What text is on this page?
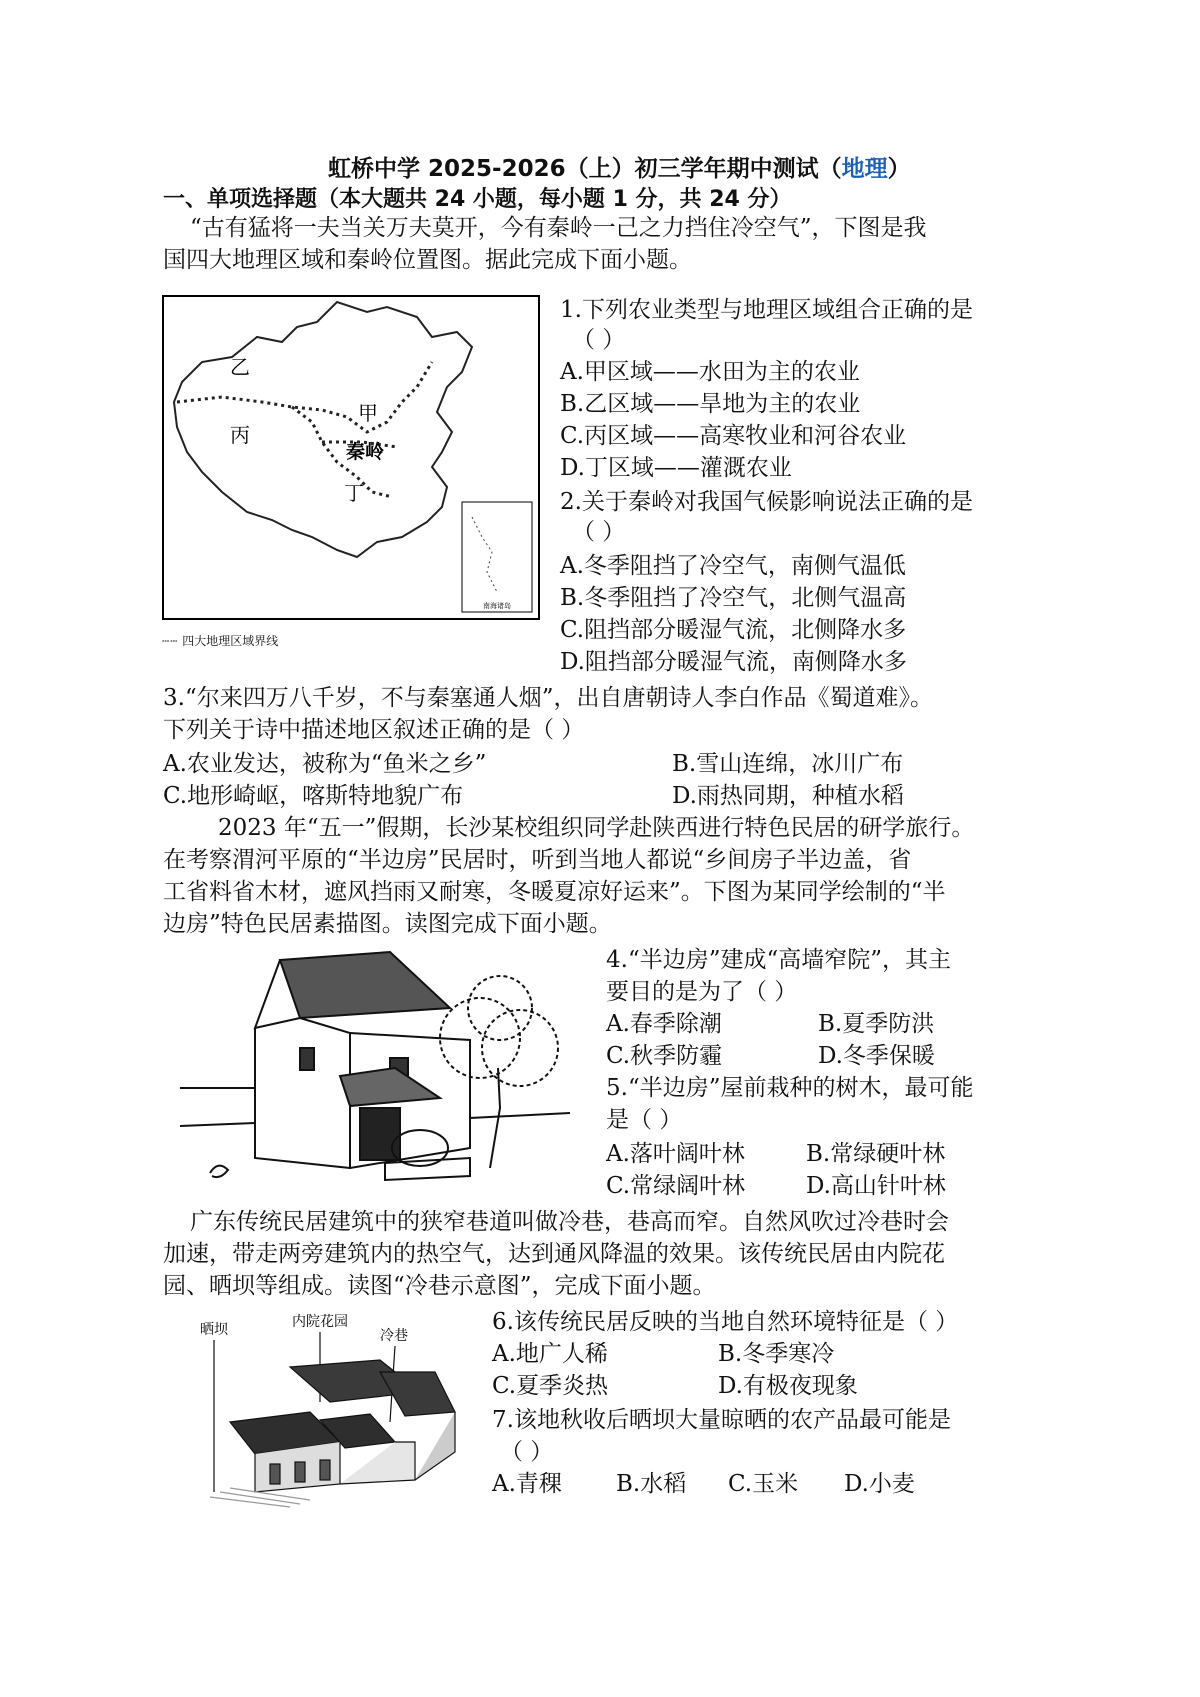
虹桥中学 2025-2026（上）初三学年期中测试（地理）
一、单项选择题（本大题共 24 小题，每小题 1 分，共 24 分）
“古有猛将一夫当关万夫莫开，今有秦岭一己之力挡住冷空气”，下图是我
国四大地理区域和秦岭位置图。据此完成下面小题。
南海诸岛
乙
甲
丙
丁
秦岭
┄┄ 四大地理区域界线
1.下列农业类型与地理区域组合正确的是
（ ）
A.甲区域——水田为主的农业
B.乙区域——旱地为主的农业
C.丙区域——高寒牧业和河谷农业
D.丁区域——灌溉农业
2.关于秦岭对我国气候影响说法正确的是
（ ）
A.冬季阻挡了冷空气，南侧气温低
B.冬季阻挡了冷空气，北侧气温高
C.阻挡部分暖湿气流，北侧降水多
D.阻挡部分暖湿气流，南侧降水多
3.“尔来四万八千岁，不与秦塞通人烟”，出自唐朝诗人李白作品《蜀道难》。
下列关于诗中描述地区叙述正确的是（ ）
A.农业发达，被称为“鱼米之乡”	B.雪山连绵，冰川广布
C.地形崎岖，喀斯特地貌广布	D.雨热同期，种植水稻
2023 年“五一”假期，长沙某校组织同学赴陕西进行特色民居的研学旅行。
在考察渭河平原的“半边房”民居时，听到当地人都说“乡间房子半边盖，省
工省料省木材，遮风挡雨又耐寒，冬暖夏凉好运来”。下图为某同学绘制的“半
边房”特色民居素描图。读图完成下面小题。
4.“半边房”建成“高墙窄院”，其主
要目的是为了（ ）
A.春季除潮	B.夏季防洪
C.秋季防霾	D.冬季保暖
5.“半边房”屋前栽种的树木，最可能
是（ ）
A.落叶阔叶林	B.常绿硬叶林
C.常绿阔叶林	D.高山针叶林
广东传统民居建筑中的狭窄巷道叫做冷巷，巷高而窄。自然风吹过冷巷时会
加速，带走两旁建筑内的热空气，达到通风降温的效果。该传统民居由内院花
园、晒坝等组成。读图“冷巷示意图”，完成下面小题。
晒坝	内院花园
冷巷
6.该传统民居反映的当地自然环境特征是（ ）
A.地广人稀	B.冬季寒冷
C.夏季炎热	D.有极夜现象
7.该地秋收后晒坝大量晾晒的农产品最可能是
（ ）
A.青稞 B.水稻 C.玉米 D.小麦
